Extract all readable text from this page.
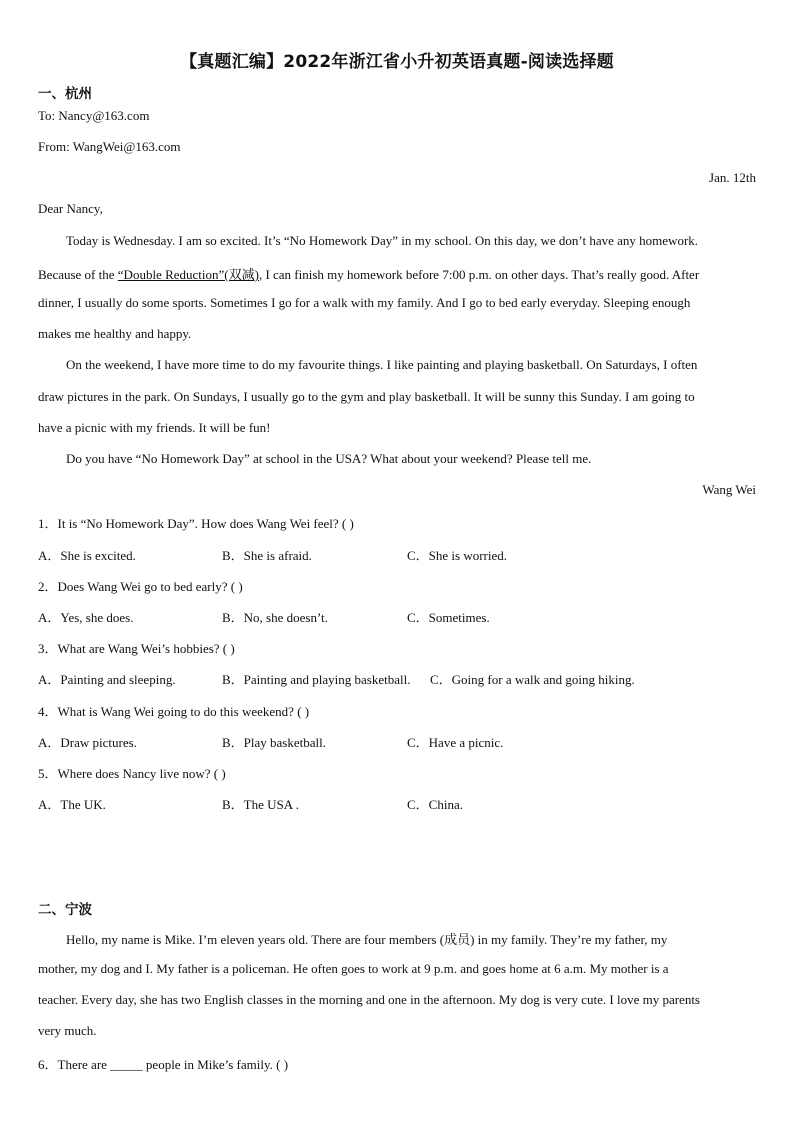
【真题汇编】2022年浙江省小升初英语真题-阅读选择题
一、杭州
To: Nancy@163.com
From: WangWei@163.com
Jan. 12th
Dear Nancy,
Today is Wednesday. I am so excited. It’s “No Homework Day” in my school. On this day, we don’t have any homework.
Because of the “Double Reduction”(双减), I can finish my homework before 7:00 p.m. on other days. That’s really good. After
dinner, I usually do some sports. Sometimes I go for a walk with my family. And I go to bed early everyday. Sleeping enough
makes me healthy and happy.
On the weekend, I have more time to do my favourite things. I like painting and playing basketball. On Saturdays, I often
draw pictures in the park. On Sundays, I usually go to the gym and play basketball. It will be sunny this Sunday. I am going to
have a picnic with my friends. It will be fun!
Do you have “No Homework Day” at school in the USA? What about your weekend? Please tell me.
Wang Wei
1．It is “No Homework Day”. How does Wang Wei feel? ( )
A．She is excited.	B．She is afraid.	C．She is worried.
2．Does Wang Wei go to bed early? ( )
A．Yes, she does.	B．No, she doesn’t.	C．Sometimes.
3．What are Wang Wei’s hobbies? ( )
A．Painting and sleeping.	B．Painting and playing basketball. C．Going for a walk and going hiking.
4．What is Wang Wei going to do this weekend? ( )
A．Draw pictures.	B．Play basketball.	C．Have a picnic.
5．Where does Nancy live now? ( )
A．The UK.	B．The USA .	C．China.
二、宁波
Hello, my name is Mike. I’m eleven years old. There are four members (成员) in my family. They’re my father, my
mother, my dog and I. My father is a policeman. He often goes to work at 9 p.m. and goes home at 6 a.m. My mother is a
teacher. Every day, she has two English classes in the morning and one in the afternoon. My dog is very cute. I love my parents
very much.
6．There are _____ people in Mike’s family. ( )
